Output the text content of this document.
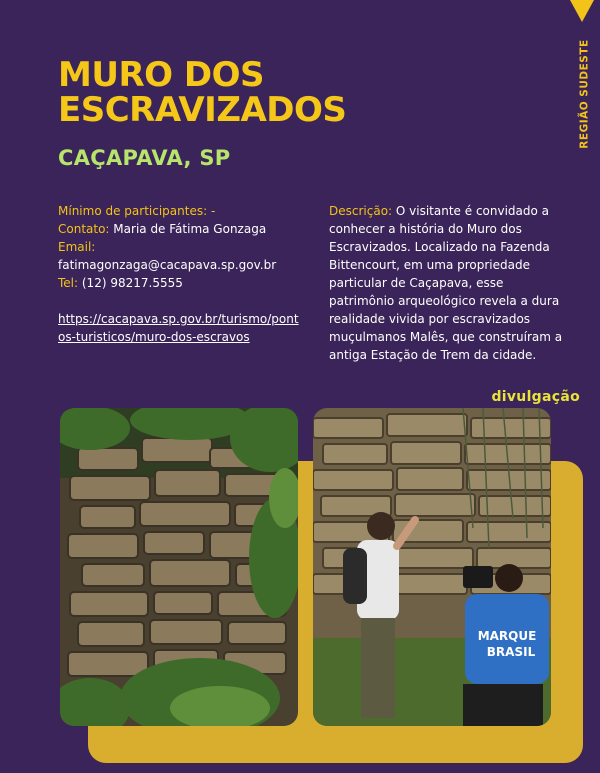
REGIÃO SUDESTE
MURO DOS ESCRAVIZADOS
CAÇAPAVA, SP
Mínimo de participantes: -
Contato: Maria de Fátima Gonzaga
Email:
fatimagonzaga@cacapava.sp.gov.br
Tel: (12) 98217.5555
https://cacapava.sp.gov.br/turismo/pontos-turisticos/muro-dos-escravos
Descrição: O visitante é convidado a conhecer a história do Muro dos Escravizados. Localizado na Fazenda Bittencourt, em uma propriedade particular de Caçapava, esse patrimônio arqueológico revela a dura realidade vivida por escravizados muçulmanos Malês, que construíram a antiga Estação de Trem da cidade.
divulgação
MARQUE
BRASIL
